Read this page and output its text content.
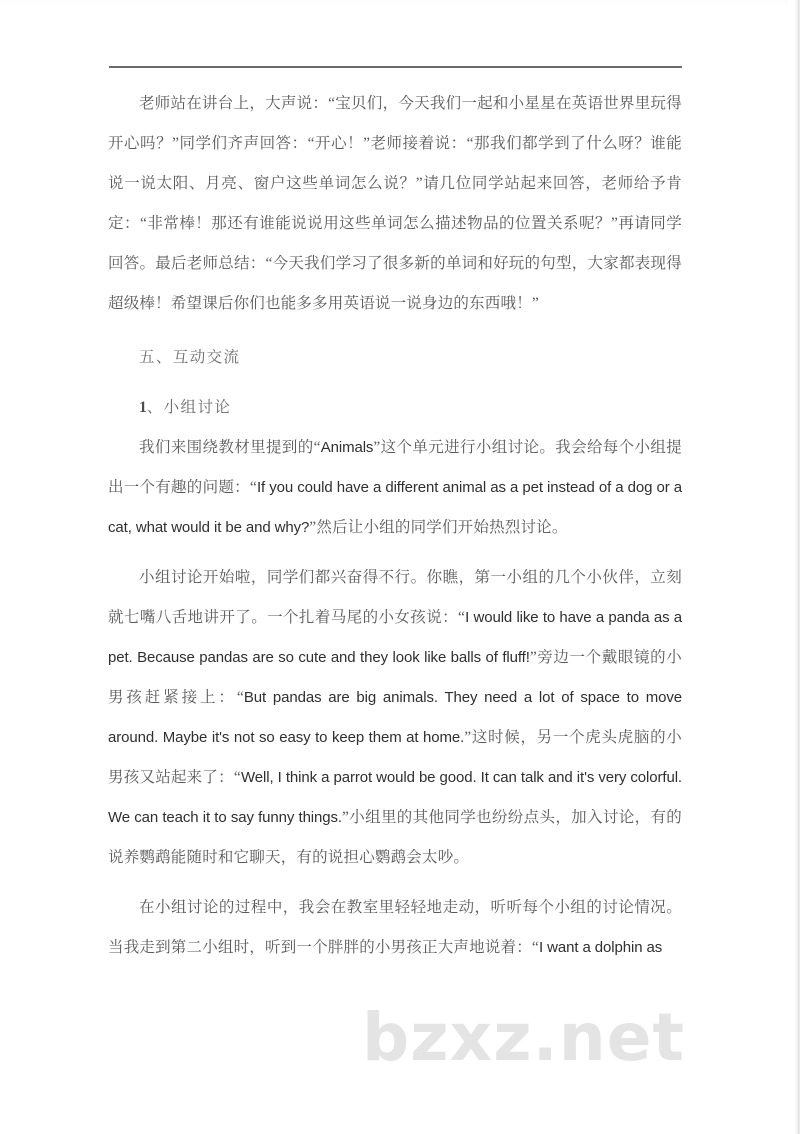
老师站在讲台上，大声说：“宝贝们，今天我们一起和小星星在英语世界里玩得开心吗？”同学们齐声回答：“开心！”老师接着说：“那我们都学到了什么呀？谁能说一说太阳、月亮、窗户这些单词怎么说？”请几位同学站起来回答，老师给予肯定：“非常棒！那还有谁能说说用这些单词怎么描述物品的位置关系呢？”再请同学回答。最后老师总结：“今天我们学习了很多新的单词和好玩的句型，大家都表现得超级棒！希望课后你们也能多多用英语说一说身边的东西哦！”

五、互动交流
1、小组讨论

我们来围绕教材里提到的“Animals”这个单元进行小组讨论。我会给每个小组提出一个有趣的问题：“If you could have a different animal as a pet instead of a dog or a cat, what would it be and why?”然后让小组的同学们开始热烈讨论。

小组讨论开始啦，同学们都兴奋得不行。你瞧，第一小组的几个小伙伴，立刻就七嘴八舌地讲开了。一个扎着马尾的小女孩说：“I would like to have a panda as a pet. Because pandas are so cute and they look like balls of fluff!”旁边一个戴眼镜的小男孩赶紧接上：“But pandas are big animals. They need a lot of space to move around. Maybe it's not so easy to keep them at home.”这时候，另一个虎头虎脑的小男孩又站起来了：“Well, I think a parrot would be good. It can talk and it's very colorful. We can teach it to say funny things.”小组里的其他同学也纷纷点头，加入讨论，有的说养鹦鹉能随时和它聊天，有的说担心鹦鹉会太吵。

在小组讨论的过程中，我会在教室里轻轻地走动，听听每个小组的讨论情况。当我走到第二小组时，听到一个胖胖的小男孩正大声地说着：“I want a dolphin as

bzxz.net
